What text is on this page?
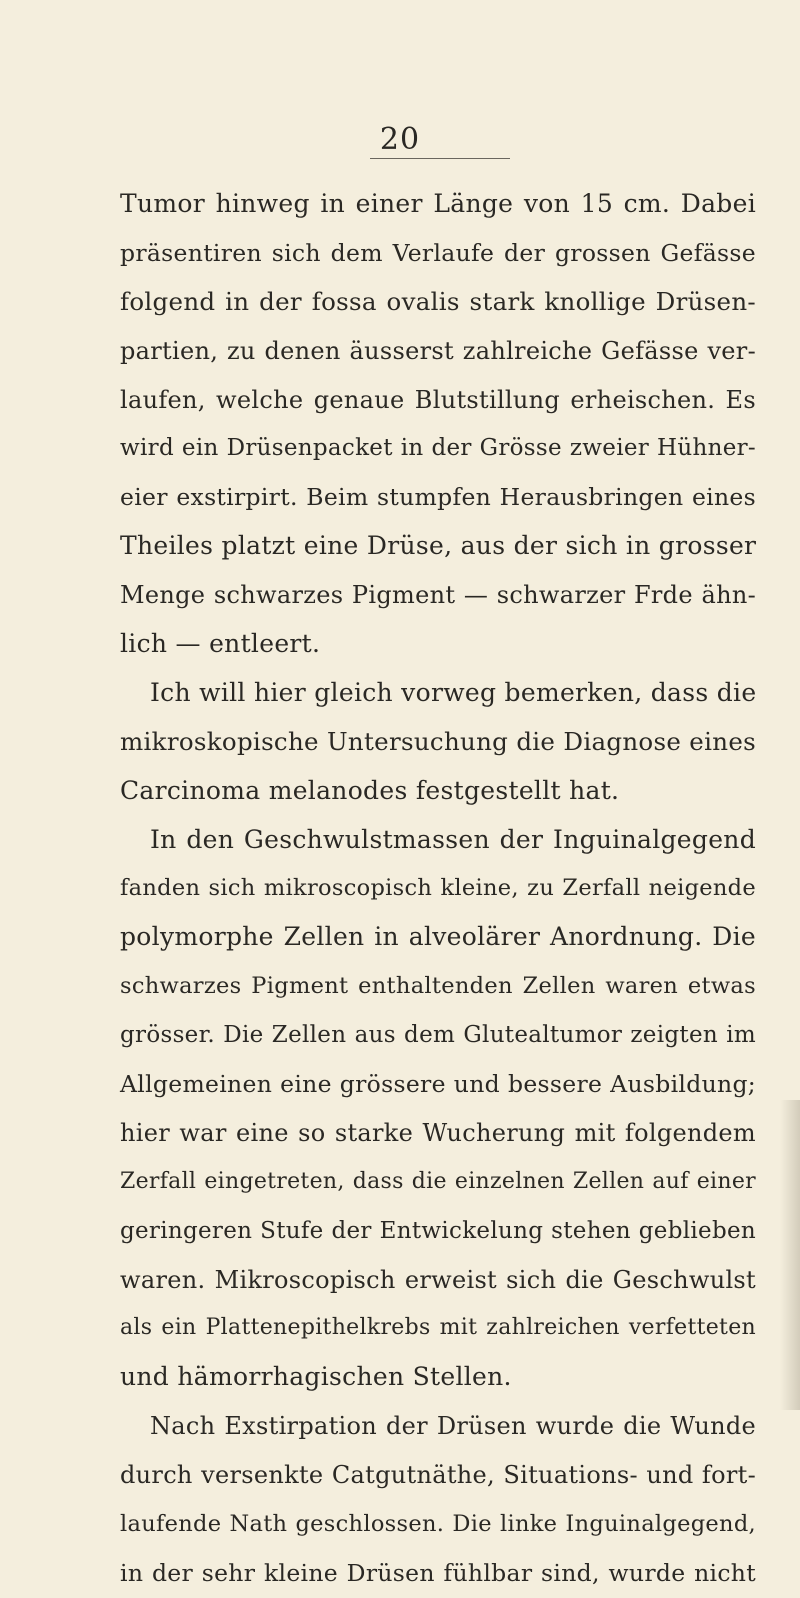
20
Tumor hinweg in einer Länge von 15 cm. Dabei
präsentiren sich dem Verlaufe der grossen Gefässe
folgend in der fossa ovalis stark knollige Drüsen-
partien, zu denen äusserst zahlreiche Gefässe ver-
laufen, welche genaue Blutstillung erheischen. Es
wird ein Drüsenpacket in der Grösse zweier Hühner-
eier exstirpirt. Beim stumpfen Herausbringen eines
Theiles platzt eine Drüse, aus der sich in grosser
Menge schwarzes Pigment — schwarzer Frde ähn-
lich — entleert.
Ich will hier gleich vorweg bemerken, dass die
mikroskopische Untersuchung die Diagnose eines
Carcinoma melanodes festgestellt hat.
In den Geschwulstmassen der Inguinalgegend
fanden sich mikroscopisch kleine, zu Zerfall neigende
polymorphe Zellen in alveolärer Anordnung. Die
schwarzes Pigment enthaltenden Zellen waren etwas
grösser. Die Zellen aus dem Glutealtumor zeigten im
Allgemeinen eine grössere und bessere Ausbildung;
hier war eine so starke Wucherung mit folgendem
Zerfall eingetreten, dass die einzelnen Zellen auf einer
geringeren Stufe der Entwickelung stehen geblieben
waren. Mikroscopisch erweist sich die Geschwulst
als ein Plattenepithelkrebs mit zahlreichen verfetteten
und hämorrhagischen Stellen.
Nach Exstirpation der Drüsen wurde die Wunde
durch versenkte Catgutnäthe, Situations- und fort-
laufende Nath geschlossen. Die linke Inguinalgegend,
in der sehr kleine Drüsen fühlbar sind, wurde nicht
